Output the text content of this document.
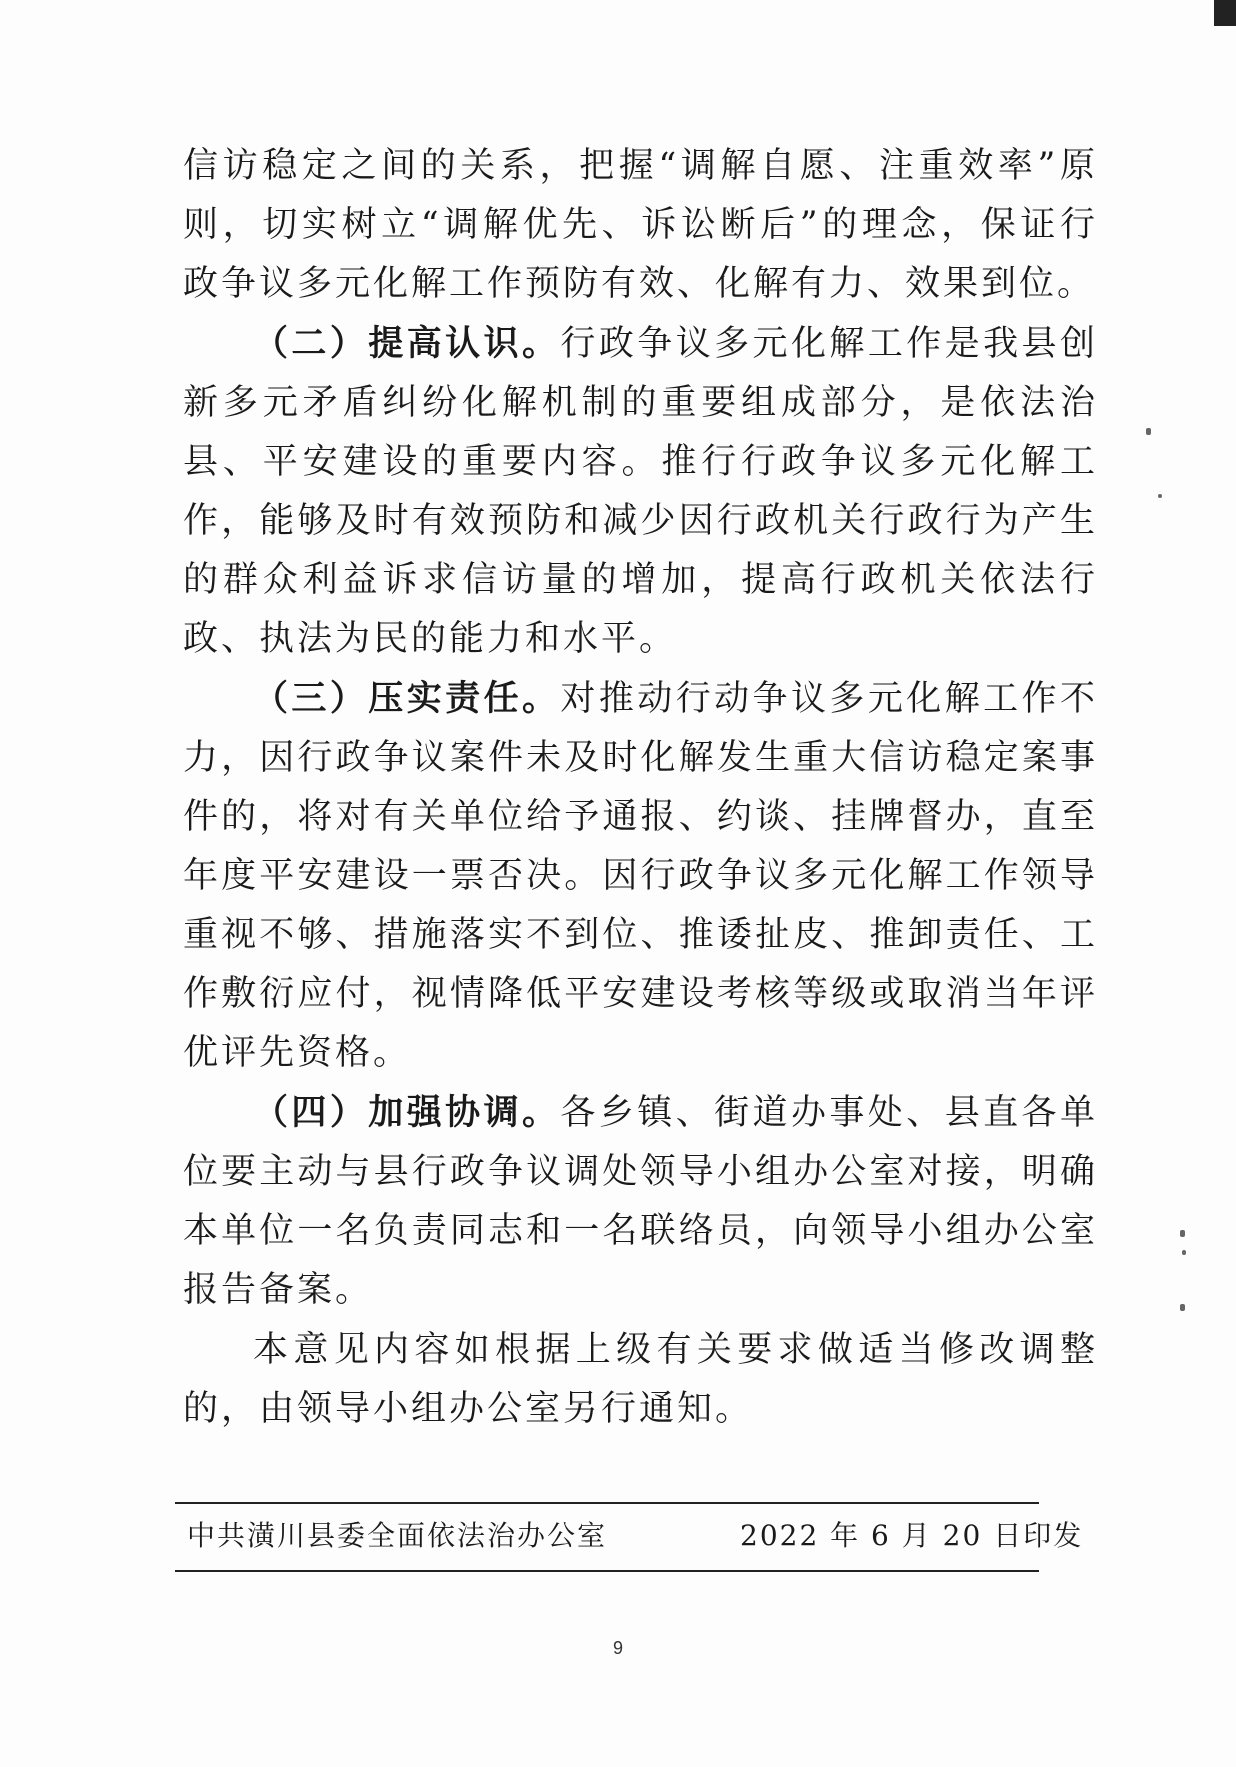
信访稳定之间的关系，把握“调解自愿、注重效率”原则，切实树立“调解优先、诉讼断后”的理念，保证行政争议多元化解工作预防有效、化解有力、效果到位。

（二）提高认识。行政争议多元化解工作是我县创新多元矛盾纠纷化解机制的重要组成部分，是依法治县、平安建设的重要内容。推行行政争议多元化解工作，能够及时有效预防和减少因行政机关行政行为产生的群众利益诉求信访量的增加，提高行政机关依法行政、执法为民的能力和水平。

（三）压实责任。对推动行动争议多元化解工作不力，因行政争议案件未及时化解发生重大信访稳定案事件的，将对有关单位给予通报、约谈、挂牌督办，直至年度平安建设一票否决。因行政争议多元化解工作领导重视不够、措施落实不到位、推诿扯皮、推卸责任、工作敷衍应付，视情降低平安建设考核等级或取消当年评优评先资格。

（四）加强协调。各乡镇、街道办事处、县直各单位要主动与县行政争议调处领导小组办公室对接，明确本单位一名负责同志和一名联络员，向领导小组办公室报告备案。

本意见内容如根据上级有关要求做适当修改调整的，由领导小组办公室另行通知。

中共潢川县委全面依法治办公室	2022 年 6 月 20 日印发
9
